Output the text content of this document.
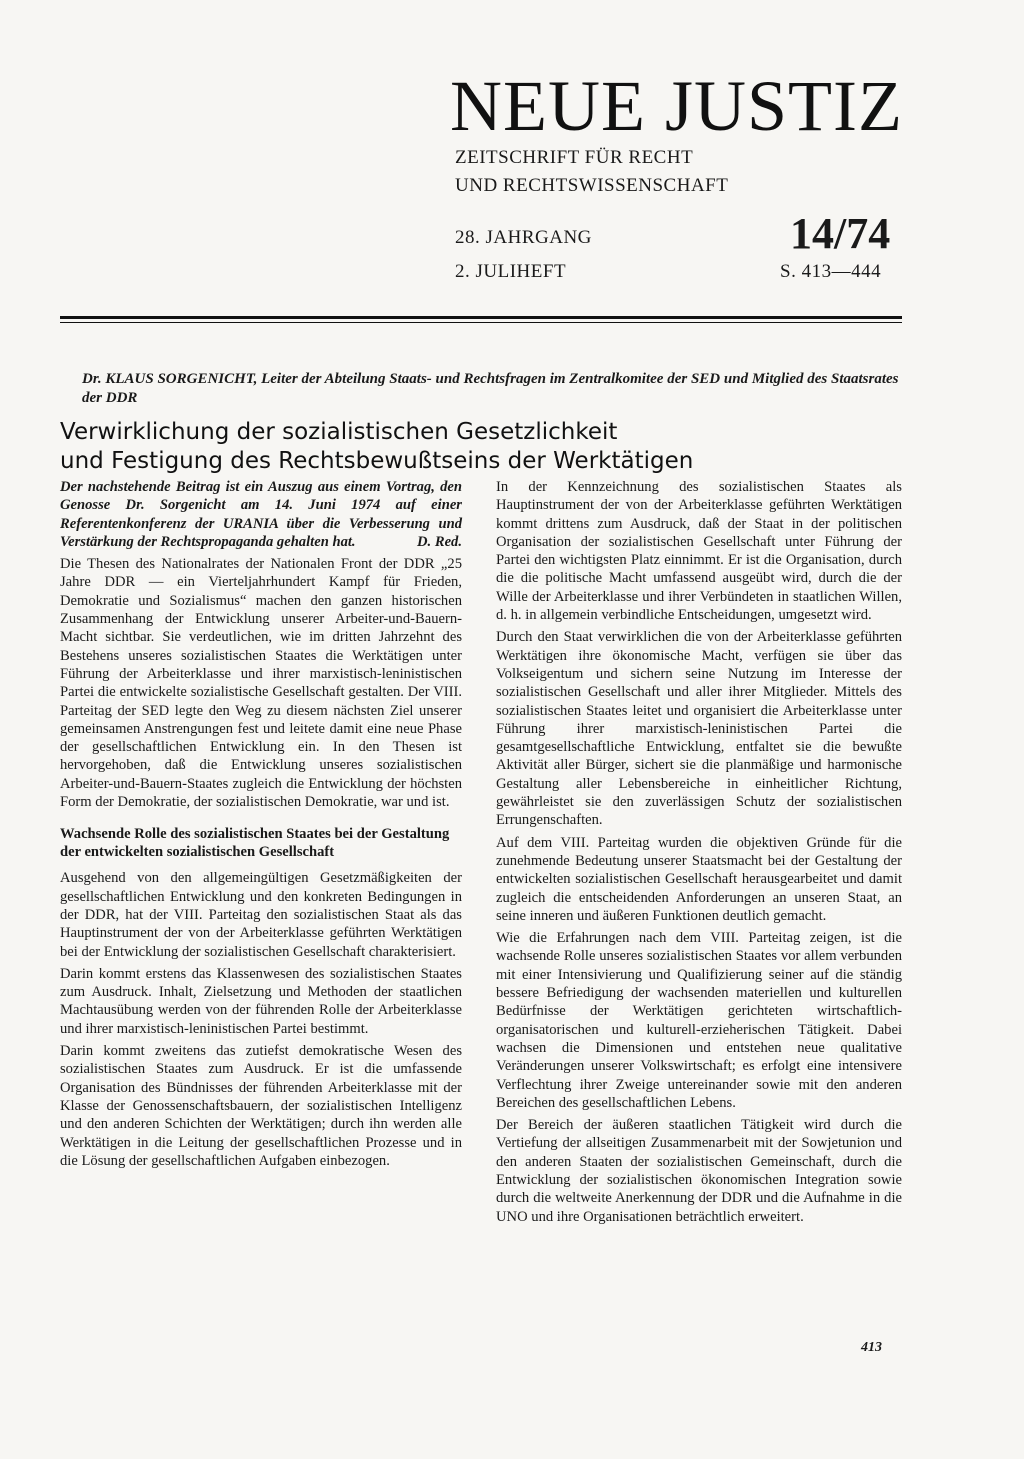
NEUE JUSTIZ
ZEITSCHRIFT FÜR RECHT
UND RECHTSWISSENSCHAFT
28. JAHRGANG
2. JULIHEFT
14/74
S. 413—444
Dr. KLAUS SORGENICHT, Leiter der Abteilung Staats- und Rechtsfragen im Zentralkomitee der SED und Mitglied des Staatsrates der DDR
Verwirklichung der sozialistischen Gesetzlichkeit
und Festigung des Rechtsbewußtseins der Werktätigen

Der nachstehende Beitrag ist ein Auszug aus einem Vortrag, den Genosse Dr. Sorgenicht am 14. Juni 1974 auf einer Referentenkonferenz der URANIA über die Verbesserung und Verstärkung der Rechtspropaganda gehalten hat.	D. Red.

Die Thesen des Nationalrates der Nationalen Front der DDR „25 Jahre DDR — ein Vierteljahrhundert Kampf für Frieden, Demokratie und Sozialismus“ machen den ganzen historischen Zusammenhang der Entwicklung unserer Arbeiter-und-Bauern-Macht sichtbar. Sie verdeutlichen, wie im dritten Jahrzehnt des Bestehens unseres sozialistischen Staates die Werktätigen unter Führung der Arbeiterklasse und ihrer marxistisch-leninistischen Partei die entwickelte sozialistische Gesellschaft gestalten. Der VIII. Parteitag der SED legte den Weg zu diesem nächsten Ziel unserer gemeinsamen Anstrengungen fest und leitete damit eine neue Phase der gesellschaftlichen Entwicklung ein. In den Thesen ist hervorgehoben, daß die Entwicklung unseres sozialistischen Arbeiter-und-Bauern-Staates zugleich die Entwicklung der höchsten Form der Demokratie, der sozialistischen Demokratie, war und ist.

Wachsende Rolle des sozialistischen Staates bei der Gestaltung der entwickelten sozialistischen Gesellschaft

Ausgehend von den allgemeingültigen Gesetzmäßigkeiten der gesellschaftlichen Entwicklung und den konkreten Bedingungen in der DDR, hat der VIII. Parteitag den sozialistischen Staat als das Hauptinstrument der von der Arbeiterklasse geführten Werktätigen bei der Entwicklung der sozialistischen Gesellschaft charakterisiert.

Darin kommt erstens das Klassenwesen des sozialistischen Staates zum Ausdruck. Inhalt, Zielsetzung und Methoden der staatlichen Machtausübung werden von der führenden Rolle der Arbeiterklasse und ihrer marxistisch-leninistischen Partei bestimmt.

Darin kommt zweitens das zutiefst demokratische Wesen des sozialistischen Staates zum Ausdruck. Er ist die umfassende Organisation des Bündnisses der führenden Arbeiterklasse mit der Klasse der Genossenschaftsbauern, der sozialistischen Intelligenz und den anderen Schichten der Werktätigen; durch ihn werden alle Werktätigen in die Leitung der gesellschaftlichen Prozesse und in die Lösung der gesellschaftlichen Aufgaben einbezogen.

In der Kennzeichnung des sozialistischen Staates als Hauptinstrument der von der Arbeiterklasse geführten Werktätigen kommt drittens zum Ausdruck, daß der Staat in der politischen Organisation der sozialistischen Gesellschaft unter Führung der Partei den wichtigsten Platz einnimmt. Er ist die Organisation, durch die die politische Macht umfassend ausgeübt wird, durch die der Wille der Arbeiterklasse und ihrer Verbündeten in staatlichen Willen, d. h. in allgemein verbindliche Entscheidungen, umgesetzt wird.

Durch den Staat verwirklichen die von der Arbeiterklasse geführten Werktätigen ihre ökonomische Macht, verfügen sie über das Volkseigentum und sichern seine Nutzung im Interesse der sozialistischen Gesellschaft und aller ihrer Mitglieder. Mittels des sozialistischen Staates leitet und organisiert die Arbeiterklasse unter Führung ihrer marxistisch-leninistischen Partei die gesamtgesellschaftliche Entwicklung, entfaltet sie die bewußte Aktivität aller Bürger, sichert sie die planmäßige und harmonische Gestaltung aller Lebensbereiche in einheitlicher Richtung, gewährleistet sie den zuverlässigen Schutz der sozialistischen Errungenschaften.

Auf dem VIII. Parteitag wurden die objektiven Gründe für die zunehmende Bedeutung unserer Staatsmacht bei der Gestaltung der entwickelten sozialistischen Gesellschaft herausgearbeitet und damit zugleich die entscheidenden Anforderungen an unseren Staat, an seine inneren und äußeren Funktionen deutlich gemacht.

Wie die Erfahrungen nach dem VIII. Parteitag zeigen, ist die wachsende Rolle unseres sozialistischen Staates vor allem verbunden mit einer Intensivierung und Qualifizierung seiner auf die ständig bessere Befriedigung der wachsenden materiellen und kulturellen Bedürfnisse der Werktätigen gerichteten wirtschaftlich-organisatorischen und kulturell-erzieherischen Tätigkeit. Dabei wachsen die Dimensionen und entstehen neue qualitative Veränderungen unserer Volkswirtschaft; es erfolgt eine intensivere Verflechtung ihrer Zweige untereinander sowie mit den anderen Bereichen des gesellschaftlichen Lebens.

Der Bereich der äußeren staatlichen Tätigkeit wird durch die Vertiefung der allseitigen Zusammenarbeit mit der Sowjetunion und den anderen Staaten der sozialistischen Gemeinschaft, durch die Entwicklung der sozialistischen ökonomischen Integration sowie durch die weltweite Anerkennung der DDR und die Aufnahme in die UNO und ihre Organisationen beträchtlich erweitert.

413
